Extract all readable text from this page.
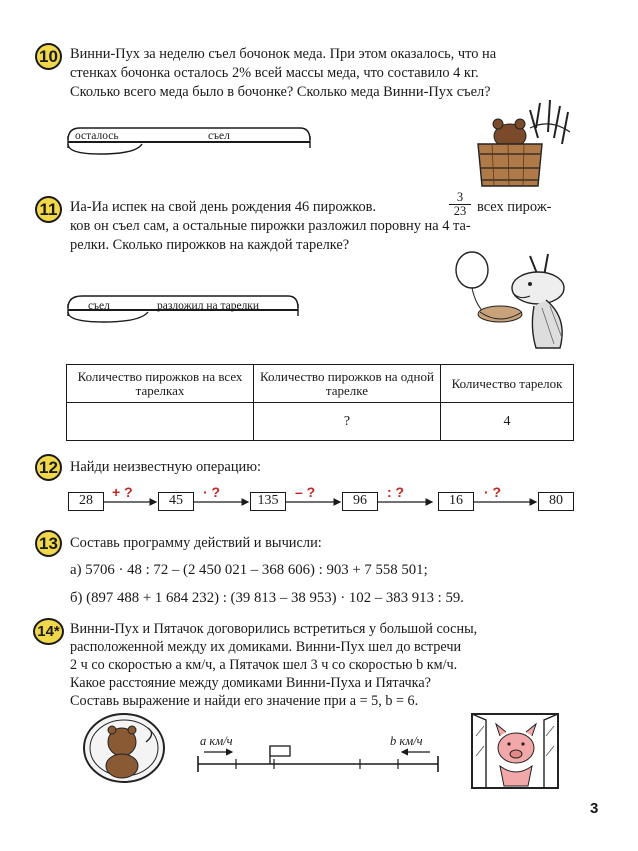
10 Винни-Пух за неделю съел бочонок меда. При этом оказалось, что на
стенках бочонка осталось 2% всей массы меда, что составило 4 кг.
Сколько всего меда было в бочонке? Сколько меда Винни-Пух съел?
осталось	съел
11 Иа-Иа испек на свой день рождения 46 пирожков.	$\frac{3}{23}$ всех пирож-
ков он съел сам, а остальные пирожки разложил поровну на 4 та-
релки. Сколько пирожков на каждой тарелке?
съел	разложил на тарелки
Количество пирожков на всех тарелках	Количество пирожков на одной тарелке	Количество тарелок
	?	4
12 Найди неизвестную операцию:
28	45	135	96	16	80
+ ?	· ?	– ?	: ?	· ?
13 Составь программу действий и вычисли:
а) 5706 · 48 : 72 – (2 450 021 – 368 606) : 903 + 7 558 501;
б) (897 488 + 1 684 232) : (39 813 – 38 953) · 102 – 383 913 : 59.
14* Винни-Пух и Пятачок договорились встретиться у большой сосны,
расположенной между их домиками. Винни-Пух шел до встречи
2 ч со скоростью a км/ч, а Пятачок шел 3 ч со скоростью b км/ч.
Какое расстояние между домиками Винни-Пуха и Пятачка?
Составь выражение и найди его значение при a = 5, b = 6.
a км/ч	b км/ч
3
